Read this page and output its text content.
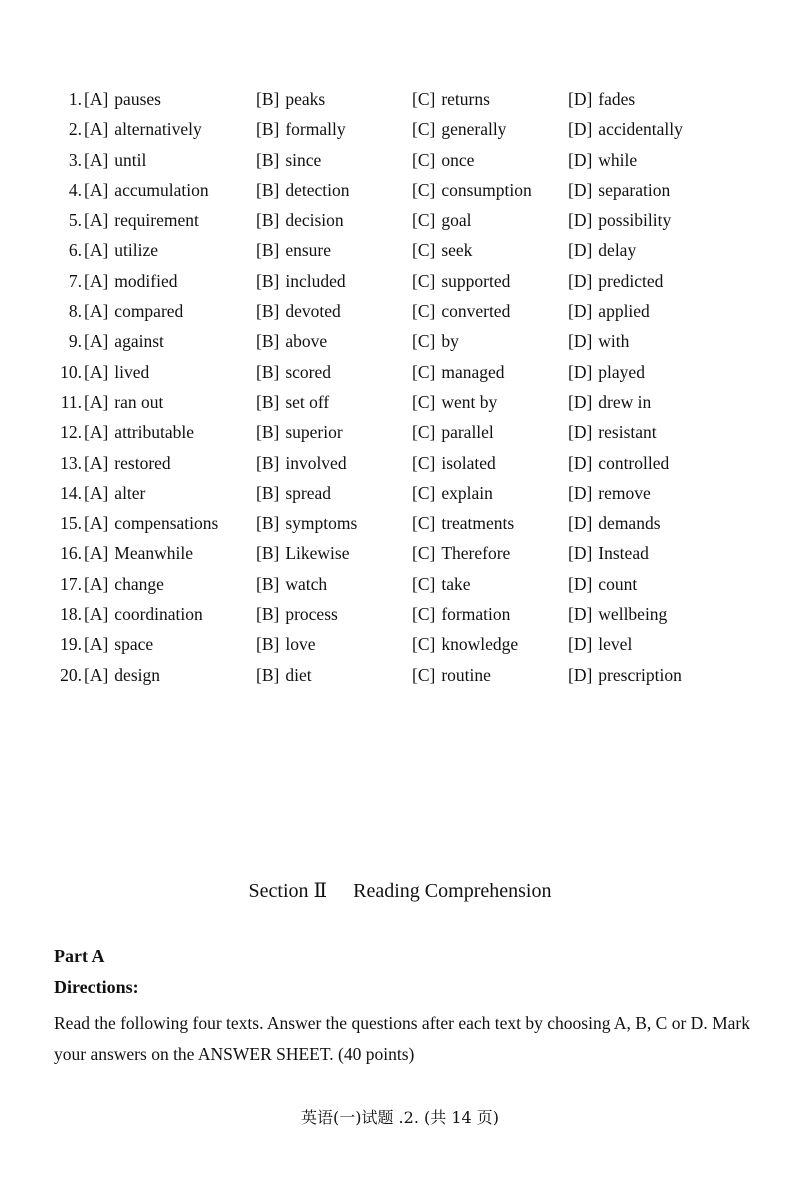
1. [A] pauses	[B] peaks	[C] returns	[D] fades
2. [A] alternatively	[B] formally	[C] generally	[D] accidentally
3. [A] until	[B] since	[C] once	[D] while
4. [A] accumulation	[B] detection	[C] consumption [D] separation
5. [A] requirement	[B] decision	[C] goal	[D] possibility
6. [A] utilize	[B] ensure	[C] seek	[D] delay
7. [A] modified	[B] included	[C] supported	[D] predicted
8. [A] compared	[B] devoted	[C] converted	[D] applied
9. [A] against	[B] above	[C] by	[D] with
10. [A] lived	[B] scored	[C] managed	[D] played
11. [A] ran out	[B] set off	[C] went by	[D] drew in
12. [A] attributable	[B] superior	[C] parallel	[D] resistant
13. [A] restored	[B] involved	[C] isolated	[D] controlled
14. [A] alter	[B] spread	[C] explain	[D] remove
15. [A] compensations [B] symptoms	[C] treatments	[D] demands
16. [A] Meanwhile	[B] Likewise	[C] Therefore	[D] Instead
17. [A] change	[B] watch	[C] take	[D] count
18. [A] coordination	[B] process	[C] formation	[D] wellbeing
19. [A] space	[B] love	[C] knowledge	[D] level
20. [A] design	[B] diet	[C] routine	[D] prescription
Section Ⅱ Reading Comprehension
Part A
Directions:
Read the following four texts. Answer the questions after each text by choosing A, B, C or D. Mark your answers on the ANSWER SHEET. (40 points)
英语(一)试题 .2. (共 14 页)
